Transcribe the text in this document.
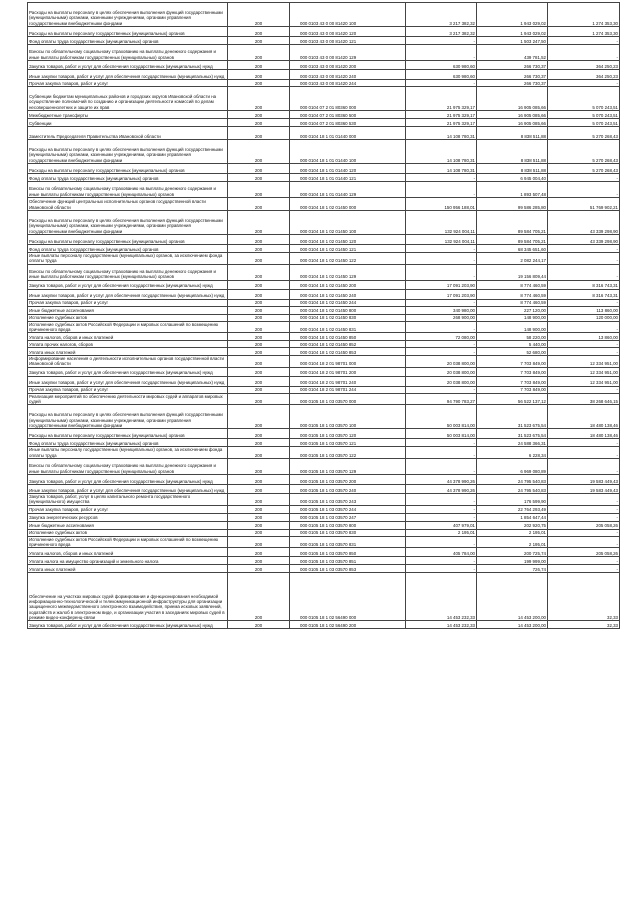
Расходы на выплаты персоналу в целях обеспечения выполнения функций государственными (муниципальными) органами, казенными учреждениями, органами управления государственными внебюджетными фондами	200	000 0103 43 0 00 81420 100	3 217 382,32	1 943 029,02	1 274 353,30
Расходы на выплаты персоналу государственных (муниципальных) органов	200	000 0103 43 0 00 81420 120	3 217 382,32	1 943 029,02	1 274 353,30
Фонд оплаты труда государственных (муниципальных) органов	200	000 0103 43 0 00 81420 121	-	1 503 247,50	-
Взносы по обязательному социальному страхованию на выплаты денежного содержания и иные выплаты работникам государственных (муниципальных) органов	200	000 0103 43 0 00 81420 129	-	439 781,52	-
Закупка товаров, работ и услуг для обеспечения государственных (муниципальных) нужд	200	000 0103 43 0 00 81420 200	630 980,60	266 730,37	364 250,23
Иные закупки товаров, работ и услуг для обеспечения государственных (муниципальных) нужд	200	000 0103 43 0 00 81420 240	630 980,60	266 730,37	364 250,23
Прочая закупка товаров, работ и услуг	200	000 0103 43 0 00 81420 244	-	266 730,37	-
Субвенции бюджетам муниципальных районов и городских округов Ивановской области на осуществление полномочий по созданию и организации деятельности комиссий по делам несовершеннолетних и защите их прав	200	000 0104 07 2 01 80360 000	21 975 329,17	16 905 085,66	5 070 243,51
Межбюджетные трансферты	200	000 0104 07 2 01 80360 500	21 975 329,17	16 905 085,66	5 070 243,51
Субвенции	200	000 0104 07 2 01 80360 530	21 975 329,17	16 905 085,66	5 070 243,51
Заместитель Председателя Правительства Ивановской области	200	000 0104 18 1 01 01440 000	14 108 780,31	8 838 511,88	5 270 268,43
Расходы на выплаты персоналу в целях обеспечения выполнения функций государственными (муниципальными) органами, казенными учреждениями, органами управления государственными внебюджетными фондами	200	000 0104 18 1 01 01440 100	14 108 780,31	8 838 511,88	5 270 268,43
Расходы на выплаты персоналу государственных (муниципальных) органов	200	000 0104 18 1 01 01440 120	14 108 780,31	8 838 511,88	5 270 268,43
Фонд оплаты труда государственных (муниципальных) органов	200	000 0104 18 1 01 01440 121	-	6 945 004,40	-
Взносы по обязательному социальному страхованию на выплаты денежного содержания и иные выплаты работникам государственных (муниципальных) органов	200	000 0104 18 1 01 01440 129	-	1 893 507,48	-
Обеспечение функций центральных исполнительных органов государственной власти Ивановской области	200	000 0104 18 1 02 01450 000	150 956 188,01	99 586 285,80	51 769 902,21
Расходы на выплаты персоналу в целях обеспечения выполнения функций государственными (муниципальными) органами, казенными учреждениями, органами управления государственными внебюджетными фондами	200	000 0104 18 1 02 01450 100	132 924 004,11	89 584 705,21	43 339 298,90
Расходы на выплаты персоналу государственных (муниципальных) органов	200	000 0104 18 1 02 01450 120	132 924 004,11	89 584 705,21	43 339 298,90
Фонд оплаты труда государственных (муниципальных) органов	200	000 0104 18 1 02 01450 121	-	68 345 651,60	-
Иные выплаты персоналу государственных (муниципальных) органов, за исключением фонда оплаты труда	200	000 0104 18 1 02 01450 122	-	2 082 244,17	-
Взносы по обязательному социальному страхованию на выплаты денежного содержания и иные выплаты работникам государственных (муниципальных) органов	200	000 0104 18 1 02 01450 129	-	19 156 809,44	-
Закупка товаров, работ и услуг для обеспечения государственных (муниципальных) нужд	200	000 0104 18 1 02 01450 200	17 091 203,90	8 774 460,59	8 316 743,31
Иные закупки товаров, работ и услуг для обеспечения государственных (муниципальных) нужд	200	000 0104 18 1 02 01450 240	17 091 203,90	8 774 460,59	8 316 743,31
Прочая закупка товаров, работ и услуг	200	000 0104 18 1 02 01450 244	-	8 774 460,59	-
Иные бюджетные ассигнования	200	000 0104 18 1 02 01450 800	340 980,00	227 120,00	113 860,00
Исполнение судебных актов	200	000 0104 18 1 02 01450 830	268 900,00	148 900,00	120 000,00
Исполнение судебных актов Российской Федерации и мировых соглашений по возмещению причиненного вреда	200	000 0104 18 1 02 01450 831	-	148 900,00	-
Уплата налогов, сборов и иных платежей	200	000 0104 18 1 02 01450 850	72 080,00	58 220,00	13 860,00
Уплата прочих налогов, сборов	200	000 0104 18 1 02 01450 852	-	5 440,00	-
Уплата иных платежей	200	000 0104 18 1 02 01450 853	-	52 680,00	-
Информирование населения о деятельности исполнительных органов государственной власти Ивановской области	200	000 0104 18 2 01 98701 000	20 038 800,00	7 703 849,00	12 334 951,00
Закупка товаров, работ и услуг для обеспечения государственных (муниципальных) нужд	200	000 0104 18 2 01 98701 200	20 038 800,00	7 703 849,00	12 334 951,00
Иные закупки товаров, работ и услуг для обеспечения государственных (муниципальных) нужд	200	000 0104 18 2 01 98701 240	20 038 800,00	7 703 849,00	12 334 951,00
Прочая закупка товаров, работ и услуг	200	000 0104 18 2 01 98701 244	-	7 703 849,00	-
Реализация мероприятий по обеспечению деятельности мировых судей и аппаратов мировых судей	200	000 0105 18 1 03 03570 000	94 790 783,27	56 522 137,12	38 268 646,15
Расходы на выплаты персоналу в целях обеспечения выполнения функций государственными (муниципальными) органами, казенными учреждениями, органами управления государственными внебюджетными фондами	200	000 0105 18 1 03 03570 100	50 003 814,00	31 523 675,54	18 480 138,46
Расходы на выплаты персоналу государственных (муниципальных) органов	200	000 0105 18 1 03 03570 120	50 003 814,00	31 523 675,54	18 480 138,46
Фонд оплаты труда государственных (муниципальных) органов	200	000 0105 18 1 03 03570 121	-	24 588 366,31	-
Иные выплаты персоналу государственных (муниципальных) органов, за исключением фонда оплаты труда	200	000 0105 18 1 03 03570 122	-	6 228,34	-
Взносы по обязательному социальному страхованию на выплаты денежного содержания и иные выплаты работникам государственных (муниципальных) органов	200	000 0105 18 1 03 03570 129	-	6 969 080,89	-
Закупка товаров, работ и услуг для обеспечения государственных (муниципальных) нужд	200	000 0105 18 1 03 03570 200	44 378 990,26	24 795 540,83	19 583 449,43
Иные закупки товаров, работ и услуг для обеспечения государственных (муниципальных) нужд	200	000 0105 18 1 03 03570 240	44 378 990,26	24 795 540,83	19 583 449,43
Закупка товаров, работ, услуг в целях капитального ремонта государственного (муниципального) имущества	200	000 0105 18 1 03 03570 243	-	176 599,90	-
Прочая закупка товаров, работ и услуг	200	000 0105 18 1 03 03570 244	-	22 764 293,49	-
Закупка энергетических ресурсов	200	000 0105 18 1 03 03570 247	-	1 854 647,44	-
Иные бюджетные ассигнования	200	000 0105 18 1 03 03570 800	407 979,01	202 920,75	205 058,26
Исполнение судебных актов	200	000 0105 18 1 03 03570 830	2 195,01	2 195,01	-
Исполнение судебных актов Российской Федерации и мировых соглашений по возмещению причиненного вреда	200	000 0105 18 1 03 03570 831	-	2 195,01	-
Уплата налогов, сборов и иных платежей	200	000 0105 18 1 03 03570 850	405 784,00	200 725,74	205 058,26
Уплата налога на имущество организаций и земельного налога	200	000 0105 18 1 03 03570 851	-	199 999,00	-
Уплата иных платежей	200	000 0105 18 1 03 03570 853	-	726,74	-
Обеспечение на участках мировых судей формирования и функционирования необходимой информационно-технологической и телекоммуникационной инфраструктуры для организации защищенного межведомственного электронного взаимодействия, приема исковых заявлений, ходатайств и жалоб в электронном виде, и организации участия в заседаниях мировых судей в режиме видео-конференц-связи	200	000 0105 18 1 02 56490 000	14 453 232,33	14 453 200,00	32,33
Закупка товаров, работ и услуг для обеспечения государственных (муниципальных) нужд	200	000 0105 18 1 02 56490 200	14 453 232,33	14 453 200,00	32,33
